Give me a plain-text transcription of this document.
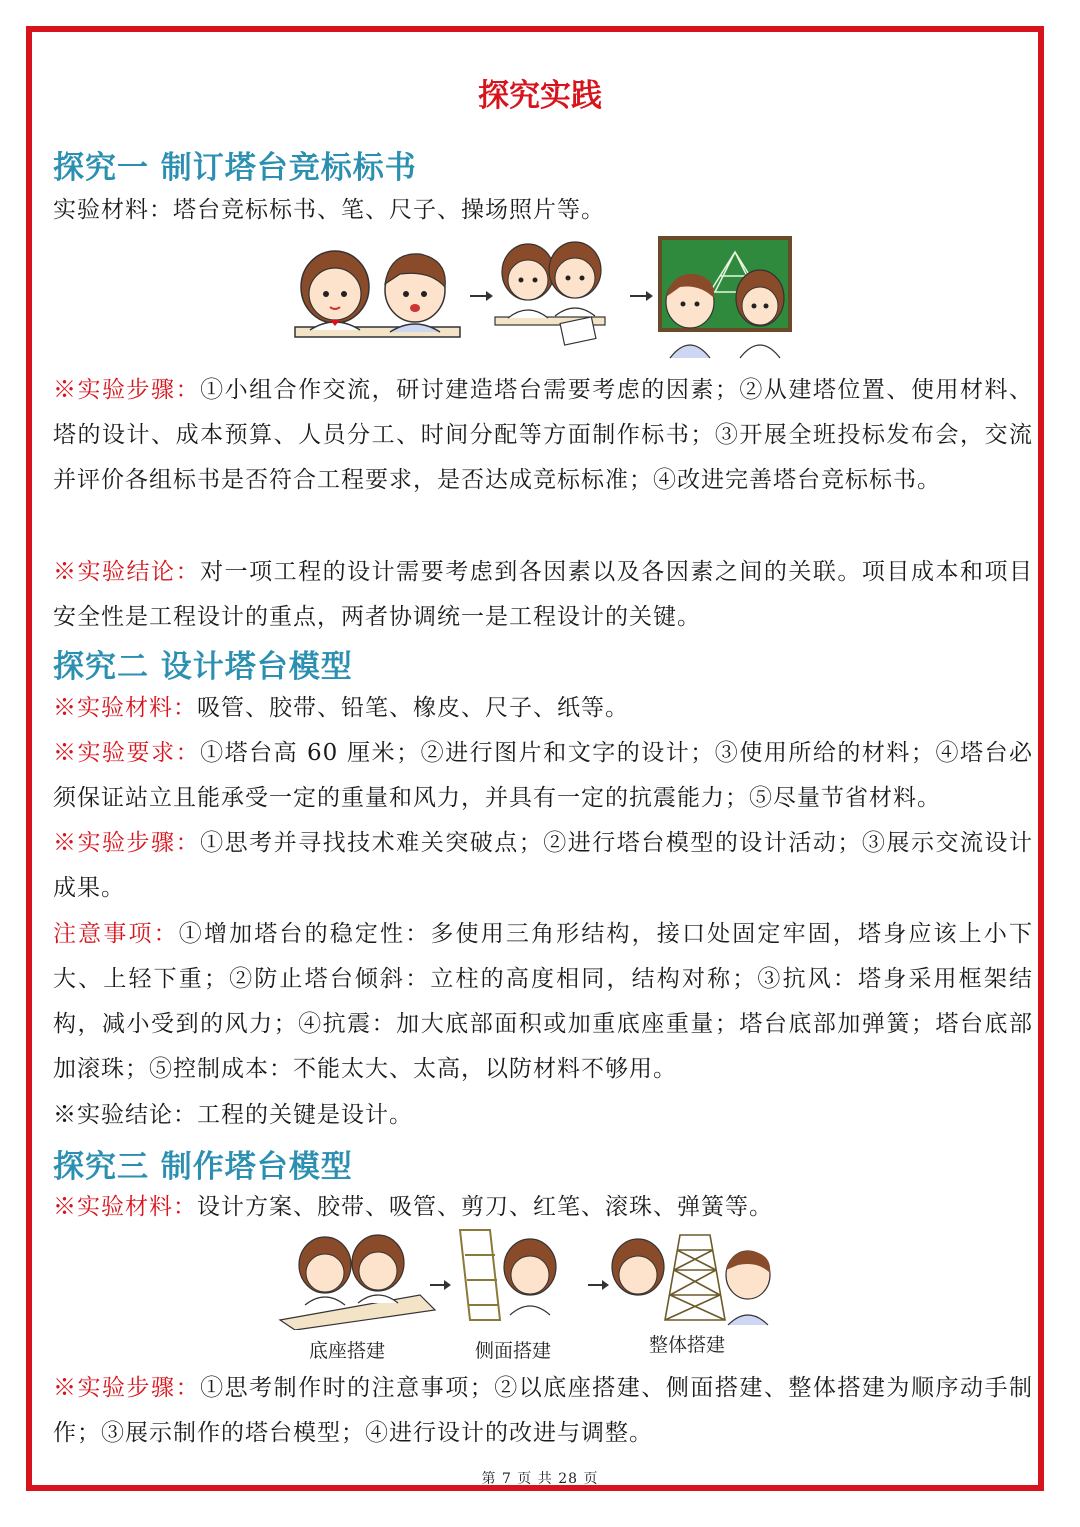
探究实践
探究一 制订塔台竞标标书
实验材料：塔台竞标标书、笔、尺子、操场照片等。
※实验步骤：①小组合作交流，研讨建造塔台需要考虑的因素；②从建塔位置、使用材料、塔的设计、成本预算、人员分工、时间分配等方面制作标书；③开展全班投标发布会，交流并评价各组标书是否符合工程要求，是否达成竞标标准；④改进完善塔台竞标标书。
※实验结论：对一项工程的设计需要考虑到各因素以及各因素之间的关联。项目成本和项目安全性是工程设计的重点，两者协调统一是工程设计的关键。
探究二 设计塔台模型
※实验材料：吸管、胶带、铅笔、橡皮、尺子、纸等。
※实验要求：①塔台高 60 厘米；②进行图片和文字的设计；③使用所给的材料；④塔台必须保证站立且能承受一定的重量和风力，并具有一定的抗震能力；⑤尽量节省材料。
※实验步骤：①思考并寻找技术难关突破点；②进行塔台模型的设计活动；③展示交流设计成果。
注意事项：①增加塔台的稳定性：多使用三角形结构，接口处固定牢固，塔身应该上小下大、上轻下重；②防止塔台倾斜：立柱的高度相同，结构对称；③抗风：塔身采用框架结构，减小受到的风力；④抗震：加大底部面积或加重底座重量；塔台底部加弹簧；塔台底部加滚珠；⑤控制成本：不能太大、太高，以防材料不够用。
※实验结论：工程的关键是设计。
探究三 制作塔台模型
※实验材料：设计方案、胶带、吸管、剪刀、红笔、滚珠、弹簧等。
底座搭建	侧面搭建	整体搭建
※实验步骤：①思考制作时的注意事项；②以底座搭建、侧面搭建、整体搭建为顺序动手制作；③展示制作的塔台模型；④进行设计的改进与调整。
第 7 页 共 28 页
